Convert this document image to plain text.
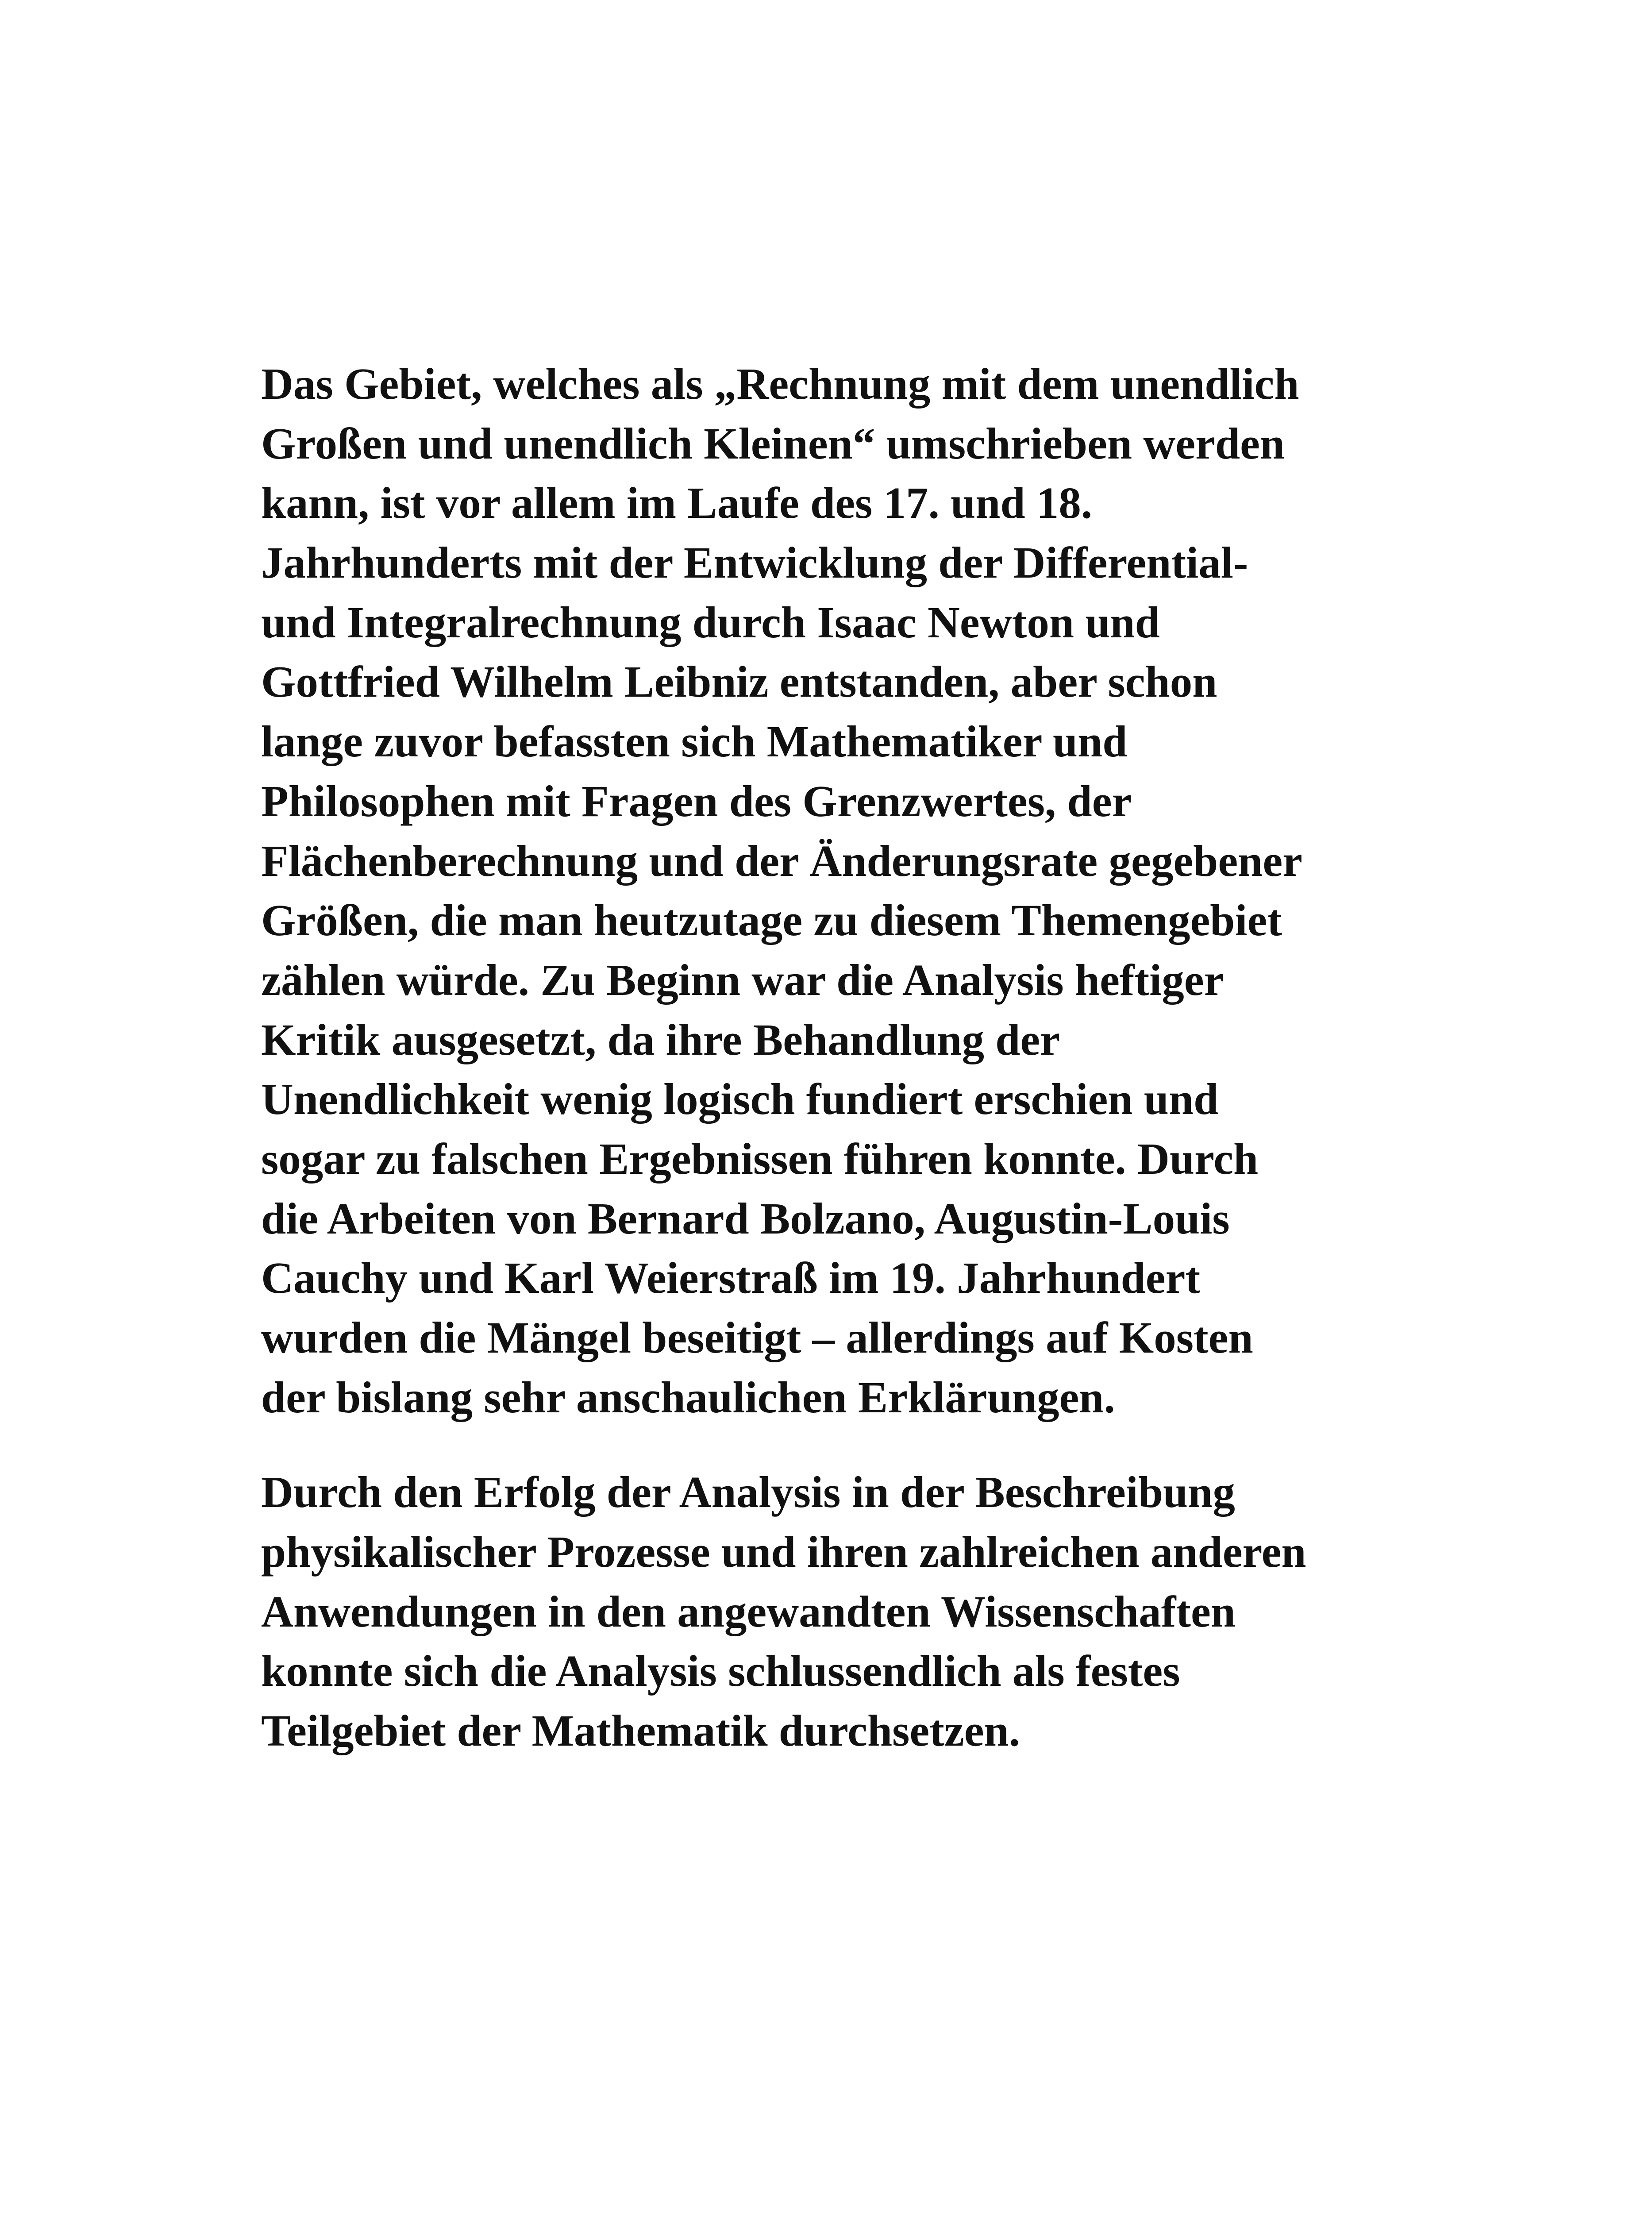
Das Gebiet, welches als „Rechnung mit dem unendlich
Großen und unendlich Kleinen“ umschrieben werden
kann, ist vor allem im Laufe des 17. und 18.
Jahrhunderts mit der Entwicklung der Differential-
und Integralrechnung durch Isaac Newton und
Gottfried Wilhelm Leibniz entstanden, aber schon
lange zuvor befassten sich Mathematiker und
Philosophen mit Fragen des Grenzwertes, der
Flächenberechnung und der Änderungsrate gegebener
Größen, die man heutzutage zu diesem Themengebiet
zählen würde. Zu Beginn war die Analysis heftiger
Kritik ausgesetzt, da ihre Behandlung der
Unendlichkeit wenig logisch fundiert erschien und
sogar zu falschen Ergebnissen führen konnte. Durch
die Arbeiten von Bernard Bolzano, Augustin-Louis
Cauchy und Karl Weierstraß im 19. Jahrhundert
wurden die Mängel beseitigt – allerdings auf Kosten
der bislang sehr anschaulichen Erklärungen.
Durch den Erfolg der Analysis in der Beschreibung
physikalischer Prozesse und ihren zahlreichen anderen
Anwendungen in den angewandten Wissenschaften
konnte sich die Analysis schlussendlich als festes
Teilgebiet der Mathematik durchsetzen.
